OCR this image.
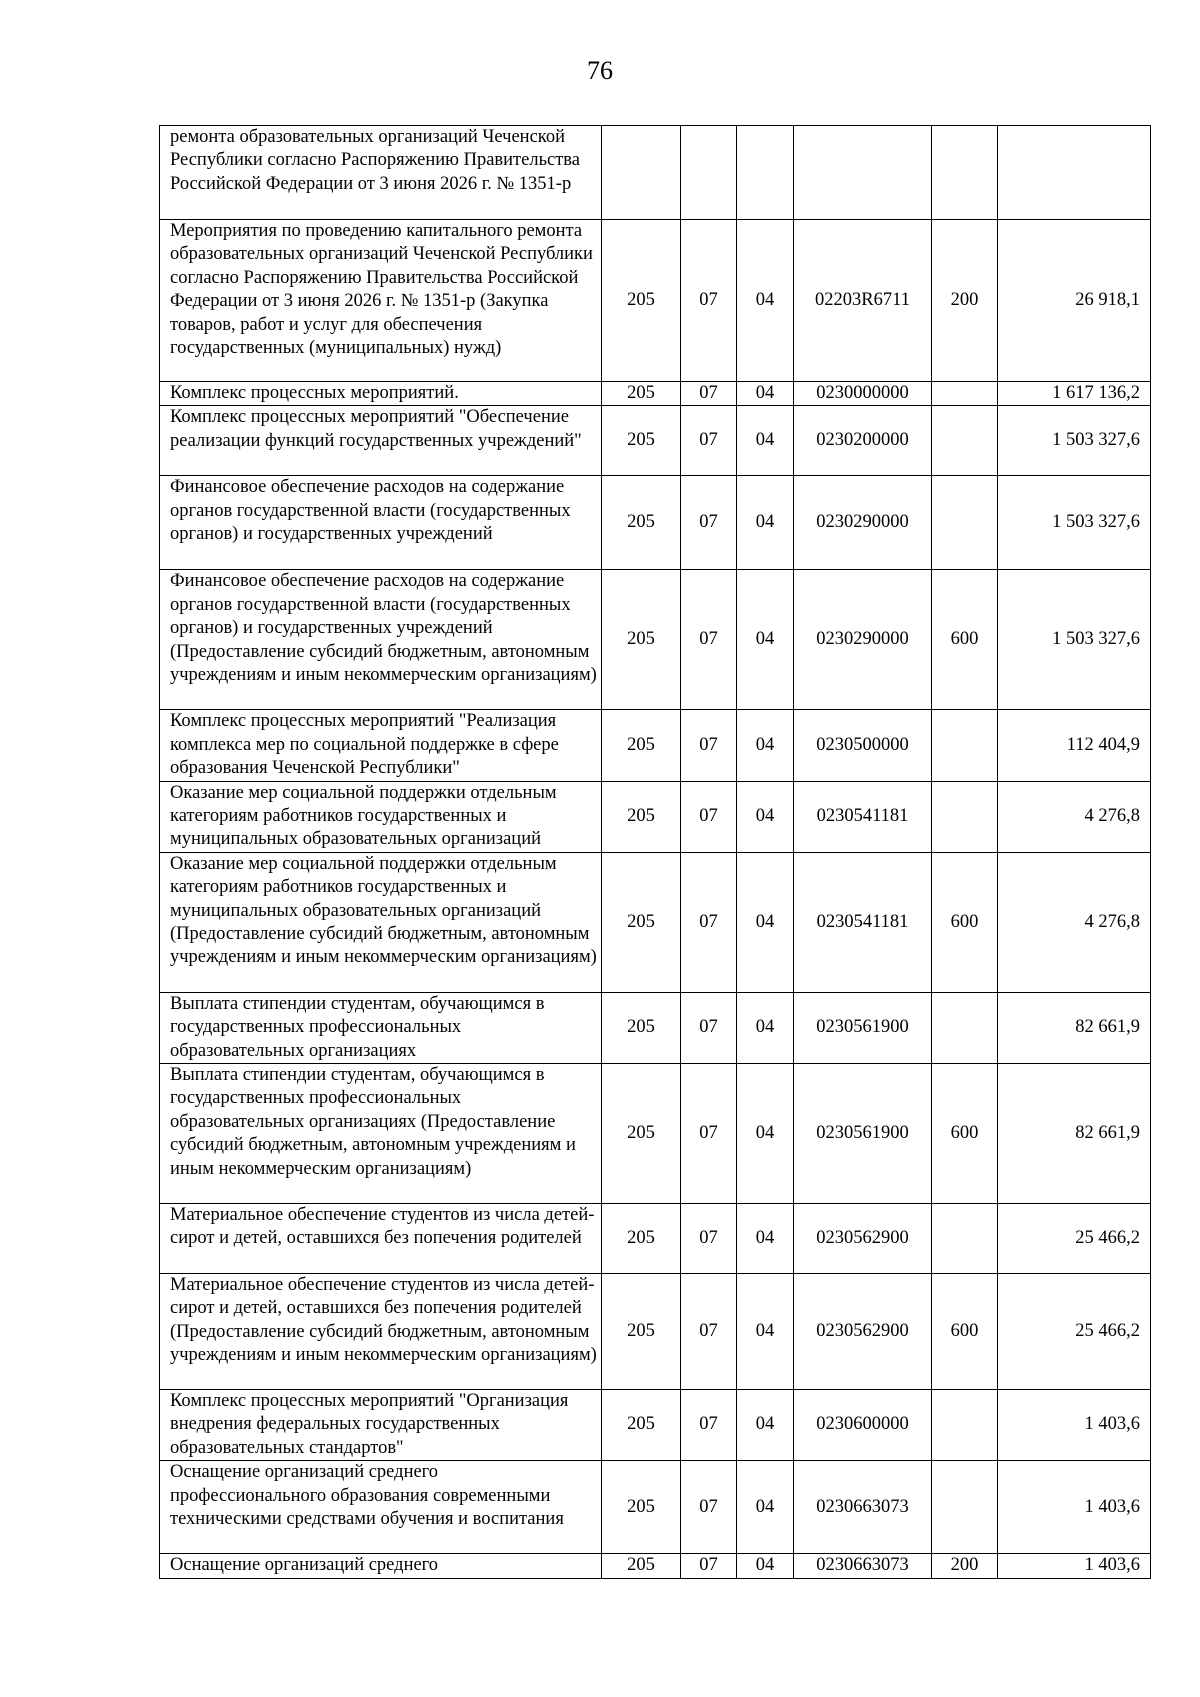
76
ремонта образовательных организаций Чеченской Республики согласно Распоряжению Правительства Российской Федерации от 3 июня 2026 г. № 1351-р						
Мероприятия по проведению капитального ремонта образовательных организаций Чеченской Республики согласно Распоряжению Правительства Российской Федерации от 3 июня 2026 г. № 1351-р (Закупка товаров, работ и услуг для обеспечения государственных (муниципальных) нужд)	205	07	04	02203R6711	200	26 918,1
Комплекс процессных мероприятий.	205	07	04	0230000000		1 617 136,2
Комплекс процессных мероприятий "Обеспечение реализации функций государственных учреждений"	205	07	04	0230200000		1 503 327,6
Финансовое обеспечение расходов на содержание органов государственной власти (государственных органов) и государственных учреждений	205	07	04	0230290000		1 503 327,6
Финансовое обеспечение расходов на содержание органов государственной власти (государственных органов) и государственных учреждений (Предоставление субсидий бюджетным, автономным учреждениям и иным некоммерческим организациям)	205	07	04	0230290000	600	1 503 327,6
Комплекс процессных мероприятий "Реализация комплекса мер по социальной поддержке в сфере образования Чеченской Республики"	205	07	04	0230500000		112 404,9
Оказание мер социальной поддержки отдельным категориям работников государственных и муниципальных образовательных организаций	205	07	04	0230541181		4 276,8
Оказание мер социальной поддержки отдельным категориям работников государственных и муниципальных образовательных организаций (Предоставление субсидий бюджетным, автономным учреждениям и иным некоммерческим организациям)	205	07	04	0230541181	600	4 276,8
Выплата стипендии студентам, обучающимся в государственных профессиональных образовательных организациях	205	07	04	0230561900		82 661,9
Выплата стипендии студентам, обучающимся в государственных профессиональных образовательных организациях (Предоставление субсидий бюджетным, автономным учреждениям и иным некоммерческим организациям)	205	07	04	0230561900	600	82 661,9
Материальное обеспечение студентов из числа детей-сирот и детей, оставшихся без попечения родителей	205	07	04	0230562900		25 466,2
Материальное обеспечение студентов из числа детей-сирот и детей, оставшихся без попечения родителей (Предоставление субсидий бюджетным, автономным учреждениям и иным некоммерческим организациям)	205	07	04	0230562900	600	25 466,2
Комплекс процессных мероприятий "Организация внедрения федеральных государственных образовательных стандартов"	205	07	04	0230600000		1 403,6
Оснащение организаций среднего профессионального образования современными техническими средствами обучения и воспитания	205	07	04	0230663073		1 403,6
Оснащение организаций среднего	205	07	04	0230663073	200	1 403,6
